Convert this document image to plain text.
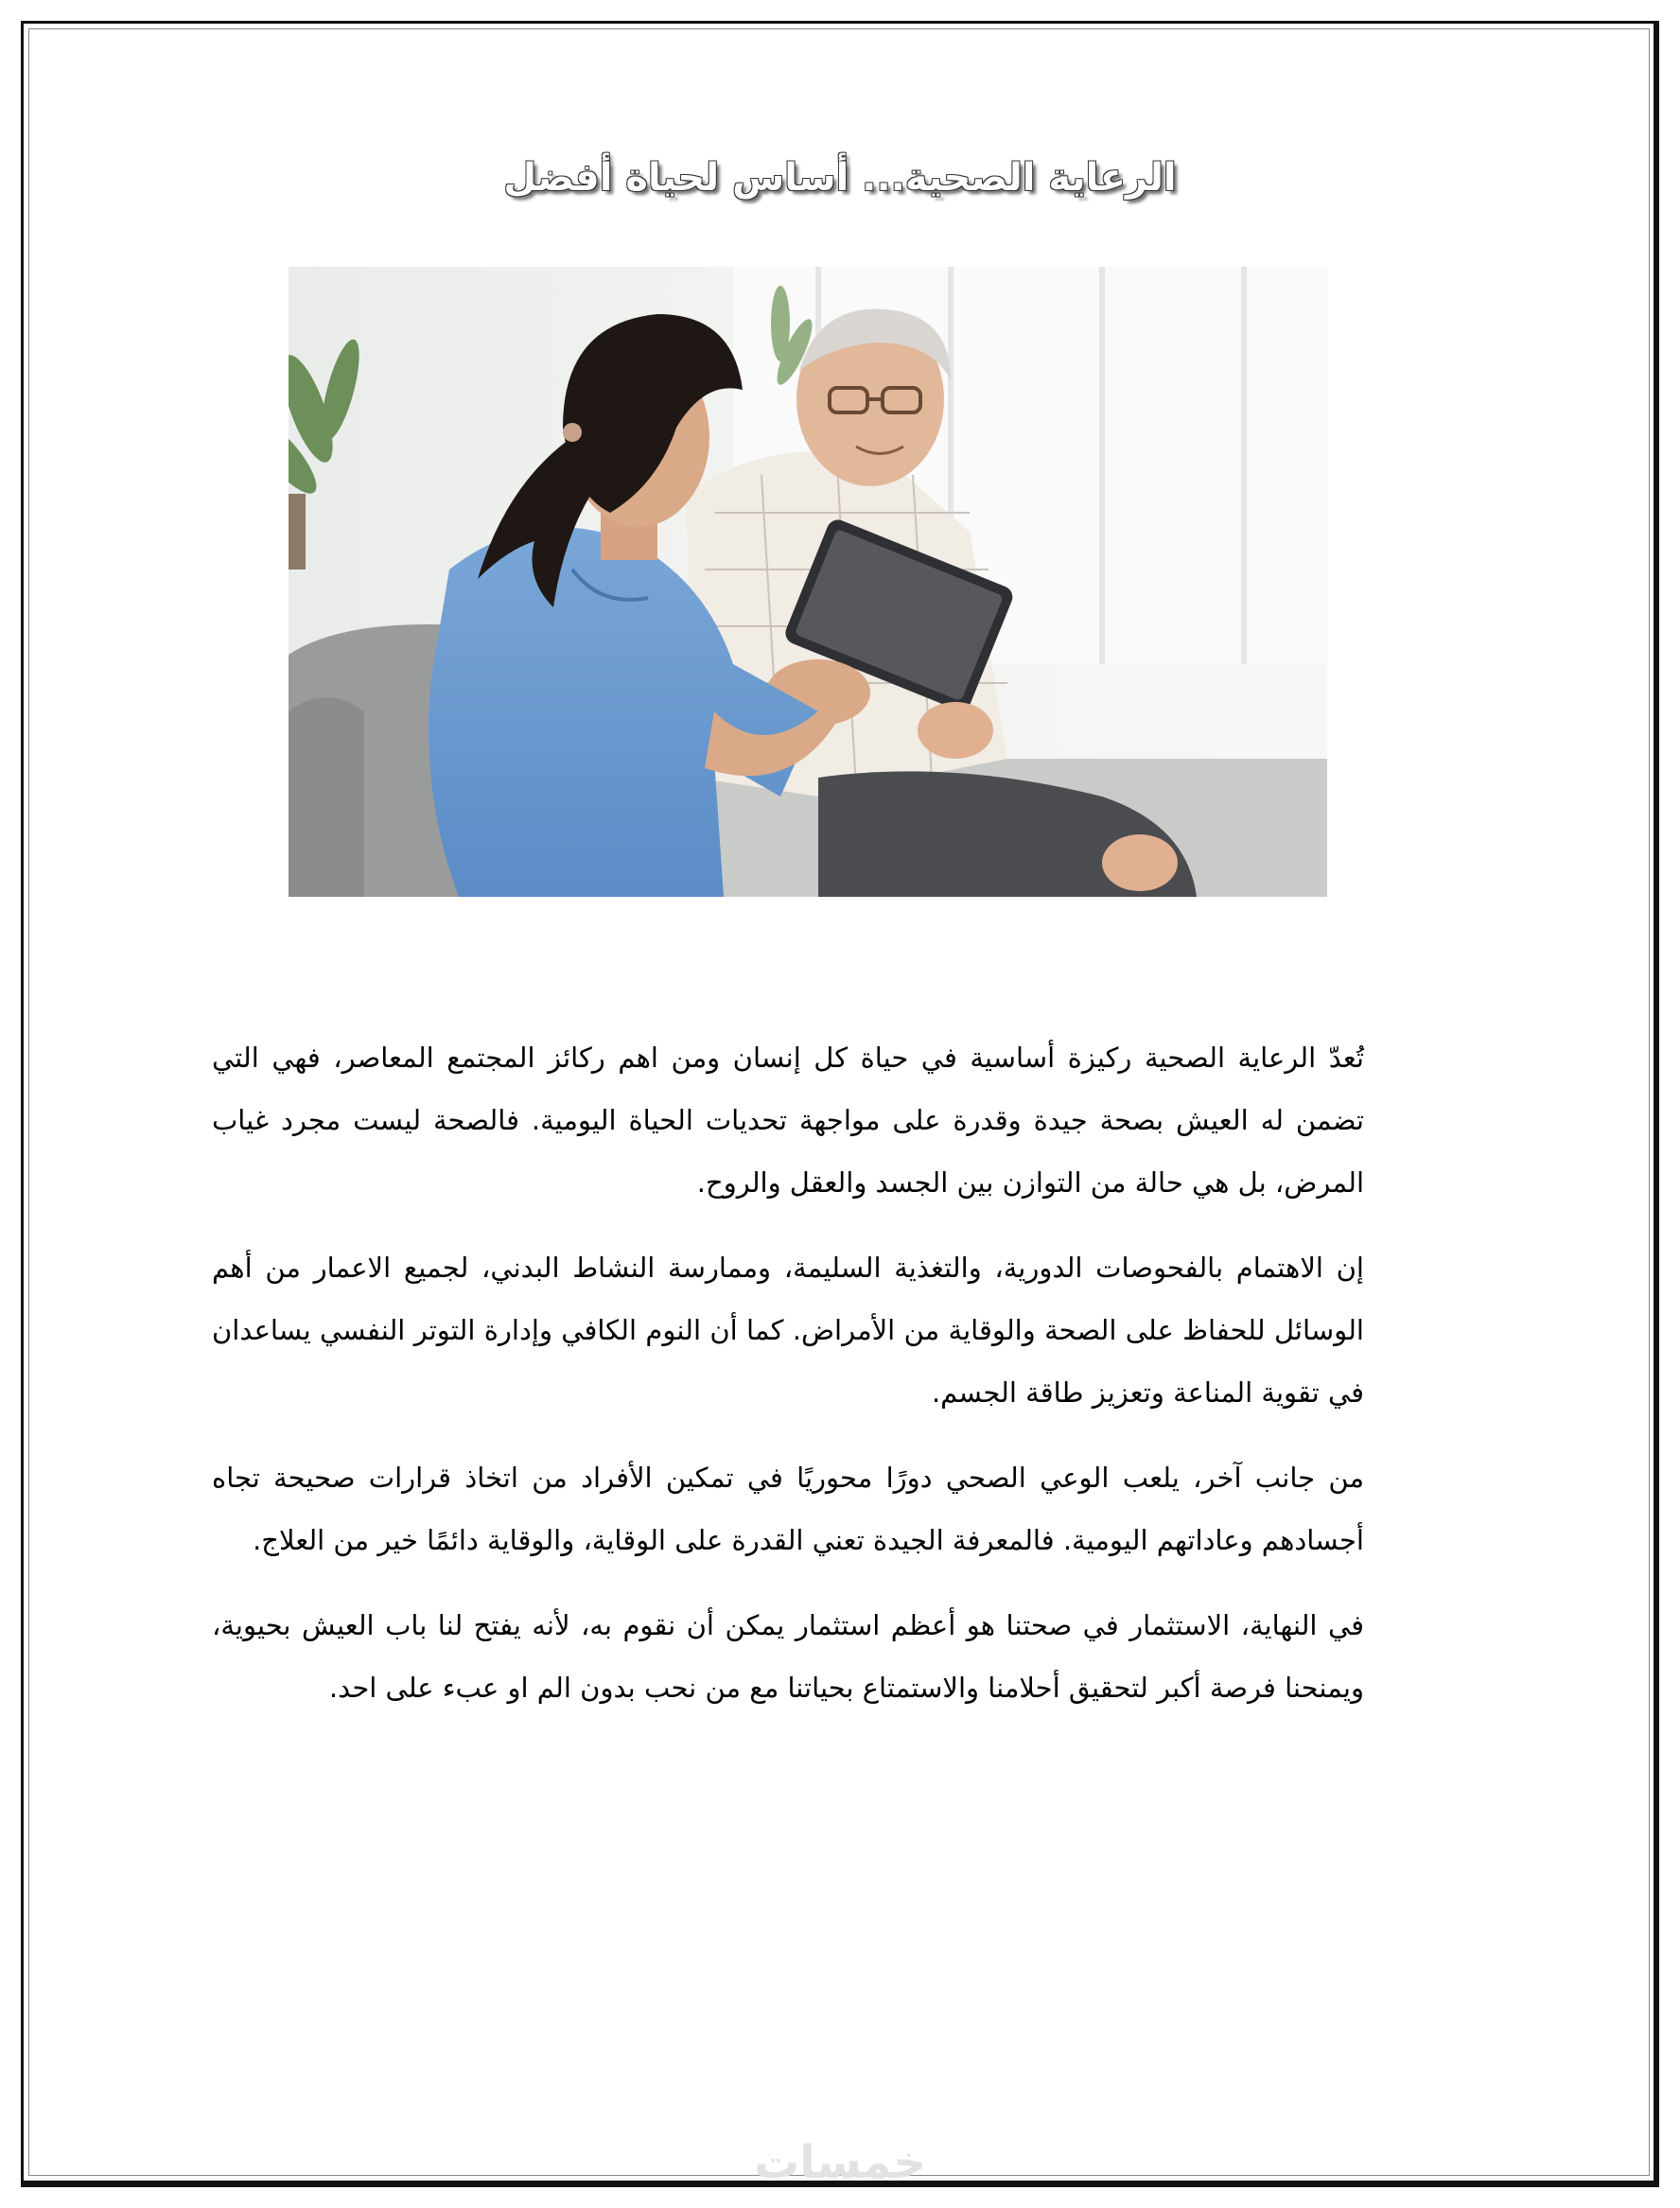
الرعاية الصحية... أساس لحياة أفضل

تُعدّ الرعاية الصحية ركيزة أساسية في حياة كل إنسان ومن اهم ركائز المجتمع المعاصر، فهي التي تضمن له العيش بصحة جيدة وقدرة على مواجهة تحديات الحياة اليومية. فالصحة ليست مجرد غياب المرض، بل هي حالة من التوازن بين الجسد والعقل والروح.

إن الاهتمام بالفحوصات الدورية، والتغذية السليمة، وممارسة النشاط البدني، لجميع الاعمار من أهم الوسائل للحفاظ على الصحة والوقاية من الأمراض. كما أن النوم الكافي وإدارة التوتر النفسي يساعدان في تقوية المناعة وتعزيز طاقة الجسم.

من جانب آخر، يلعب الوعي الصحي دورًا محوريًا في تمكين الأفراد من اتخاذ قرارات صحيحة تجاه أجسادهم وعاداتهم اليومية. فالمعرفة الجيدة تعني القدرة على الوقاية، والوقاية دائمًا خير من العلاج.

في النهاية، الاستثمار في صحتنا هو أعظم استثمار يمكن أن نقوم به، لأنه يفتح لنا باب العيش بحيوية، ويمنحنا فرصة أكبر لتحقيق أحلامنا والاستمتاع بحياتنا مع من نحب بدون الم او عبء على احد.

خمسات
